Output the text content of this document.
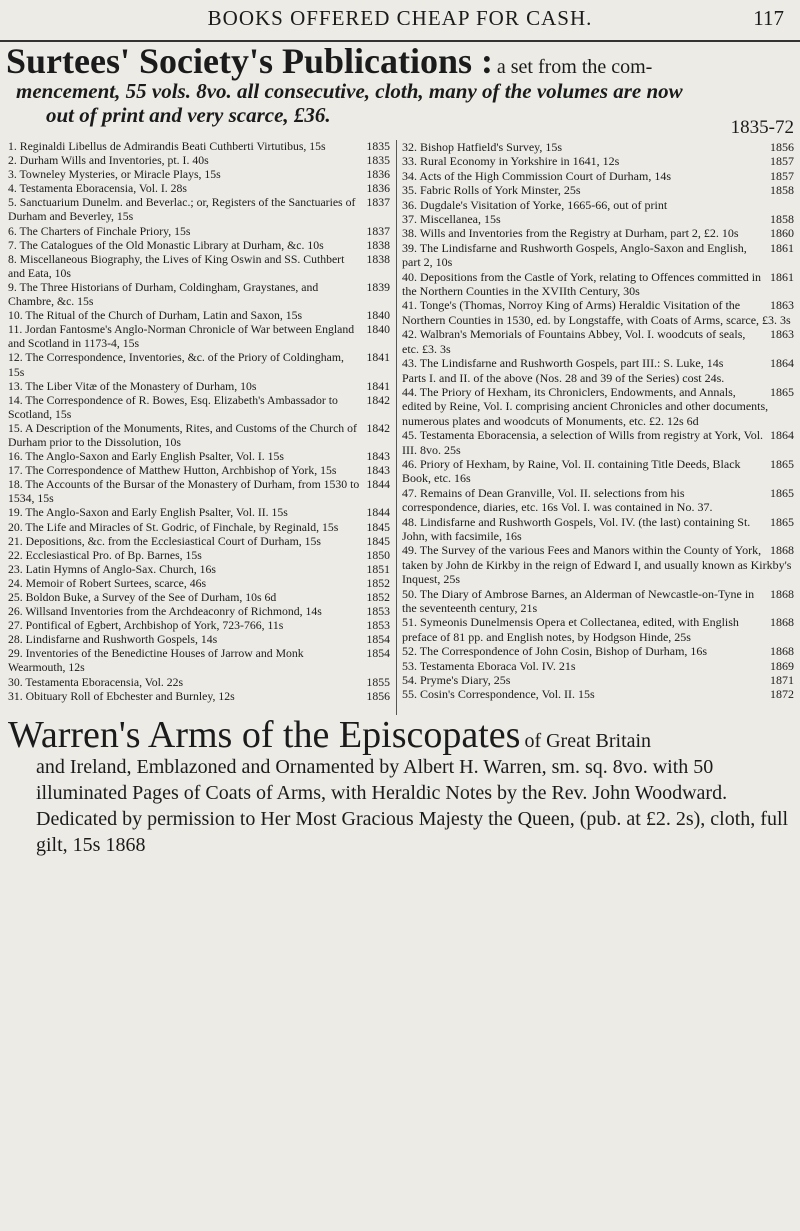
BOOKS OFFERED CHEAP FOR CASH.	117
Surtees' Society's Publications : a set from the com-
mencement, 55 vols. 8vo. all consecutive, cloth, many of the volumes are now
out of print and very scarce, £36.
1835
1. Reginaldi Libellus de Admirandis Beati Cuthberti Virtutibus, 15s
1835
2. Durham Wills and Inventories, pt. I. 40s
1836
3. Towneley Mysteries, or Miracle Plays, 15s
1836
4. Testamenta Eboracensia, Vol. I. 28s
1837
5. Sanctuarium Dunelm. and Beverlac.; or, Registers of the Sanctuaries of Durham and Beverley, 15s
1837
6. The Charters of Finchale Priory, 15s
1838
7. The Catalogues of the Old Monastic Library at Durham, &c. 10s
1838
8. Miscellaneous Biography, the Lives of King Oswin and SS. Cuthbert and Eata, 10s
1839
9. The Three Historians of Durham, Coldingham, Graystanes, and Chambre, &c. 15s
1840
10. The Ritual of the Church of Durham, Latin and Saxon, 15s
1840
11. Jordan Fantosme's Anglo-Norman Chronicle of War between England and Scotland in 1173-4, 15s
1841
12. The Correspondence, Inventories, &c. of the Priory of Coldingham, 15s
1841
13. The Liber Vitæ of the Monastery of Durham, 10s
1842
14. The Correspondence of R. Bowes, Esq. Elizabeth's Ambassador to Scotland, 15s
1842
15. A Description of the Monuments, Rites, and Customs of the Church of Durham prior to the Dissolution, 10s
1843
16. The Anglo-Saxon and Early English Psalter, Vol. I. 15s
1843
17. The Correspondence of Matthew Hutton, Archbishop of York, 15s
1844
18. The Accounts of the Bursar of the Monastery of Durham, from 1530 to 1534, 15s
1844
19. The Anglo-Saxon and Early English Psalter, Vol. II. 15s
1845
20. The Life and Miracles of St. Godric, of Finchale, by Reginald, 15s
1845
21. Depositions, &c. from the Ecclesiastical Court of Durham, 15s
1850
22. Ecclesiastical Pro. of Bp. Barnes, 15s
1851
23. Latin Hymns of Anglo-Sax. Church, 16s
1852
24. Memoir of Robert Surtees, scarce, 46s
1852
25. Boldon Buke, a Survey of the See of Durham, 10s 6d
1853
26. Willsand Inventories from the Archdeaconry of Richmond, 14s
1853
27. Pontifical of Egbert, Archbishop of York, 723-766, 11s
1854
28. Lindisfarne and Rushworth Gospels, 14s
1854
29. Inventories of the Benedictine Houses of Jarrow and Monk Wearmouth, 12s
1855
30. Testamenta Eboracensia, Vol. 22s
1856
31. Obituary Roll of Ebchester and Burnley, 12s
1835-72
1856
32. Bishop Hatfield's Survey, 15s
1857
33. Rural Economy in Yorkshire in 1641, 12s
1857
34. Acts of the High Commission Court of Durham, 14s
1858
35. Fabric Rolls of York Minster, 25s
36. Dugdale's Visitation of Yorke, 1665-66, out of print
1858
37. Miscellanea, 15s
1860
38. Wills and Inventories from the Registry at Durham, part 2, £2. 10s
1861
39. The Lindisfarne and Rushworth Gospels, Anglo-Saxon and English, part 2, 10s
1861
40. Depositions from the Castle of York, relating to Offences committed in the Northern Counties in the XVIIth Century, 30s
1863
41. Tonge's (Thomas, Norroy King of Arms) Heraldic Visitation of the Northern Counties in 1530, ed. by Longstaffe, with Coats of Arms, scarce, £3. 3s
1863
42. Walbran's Memorials of Fountains Abbey, Vol. I. woodcuts of seals, etc. £3. 3s
1864
43. The Lindisfarne and Rushworth Gospels, part III.: S. Luke, 14s
Parts I. and II. of the above (Nos. 28 and 39 of the Series) cost 24s.
1865
44. The Priory of Hexham, its Chroniclers, Endowments, and Annals, edited by Reine, Vol. I. comprising ancient Chronicles and other documents, numerous plates and woodcuts of Monuments, etc. £2. 12s 6d
1864
45. Testamenta Eboracensia, a selection of Wills from registry at York, Vol. III. 8vo. 25s
1865
46. Priory of Hexham, by Raine, Vol. II. containing Title Deeds, Black Book, etc. 16s
1865
47. Remains of Dean Granville, Vol. II. selections from his correspondence, diaries, etc. 16s Vol. I. was contained in No. 37.
1865
48. Lindisfarne and Rushworth Gospels, Vol. IV. (the last) containing St. John, with facsimile, 16s
1868
49. The Survey of the various Fees and Manors within the County of York, taken by John de Kirkby in the reign of Edward I, and usually known as Kirkby's Inquest, 25s
1868
50. The Diary of Ambrose Barnes, an Alderman of Newcastle-on-Tyne in the seventeenth century, 21s
1868
51. Symeonis Dunelmensis Opera et Collectanea, edited, with English preface of 81 pp. and English notes, by Hodgson Hinde, 25s
1868
52. The Correspondence of John Cosin, Bishop of Durham, 16s
1869
53. Testamenta Eboraca Vol. IV. 21s
1871
54. Pryme's Diary, 25s
1872
55. Cosin's Correspondence, Vol. II. 15s
Warren's Arms of the Episcopates of Great Britain
and Ireland, Emblazoned and Ornamented by Albert H. Warren, sm. sq. 8vo. with 50 illuminated Pages of Coats of Arms, with Heraldic Notes by the Rev. John Woodward. Dedicated by permission to Her Most Gracious Majesty the Queen, (pub. at £2. 2s), cloth, full gilt, 15s 1868
